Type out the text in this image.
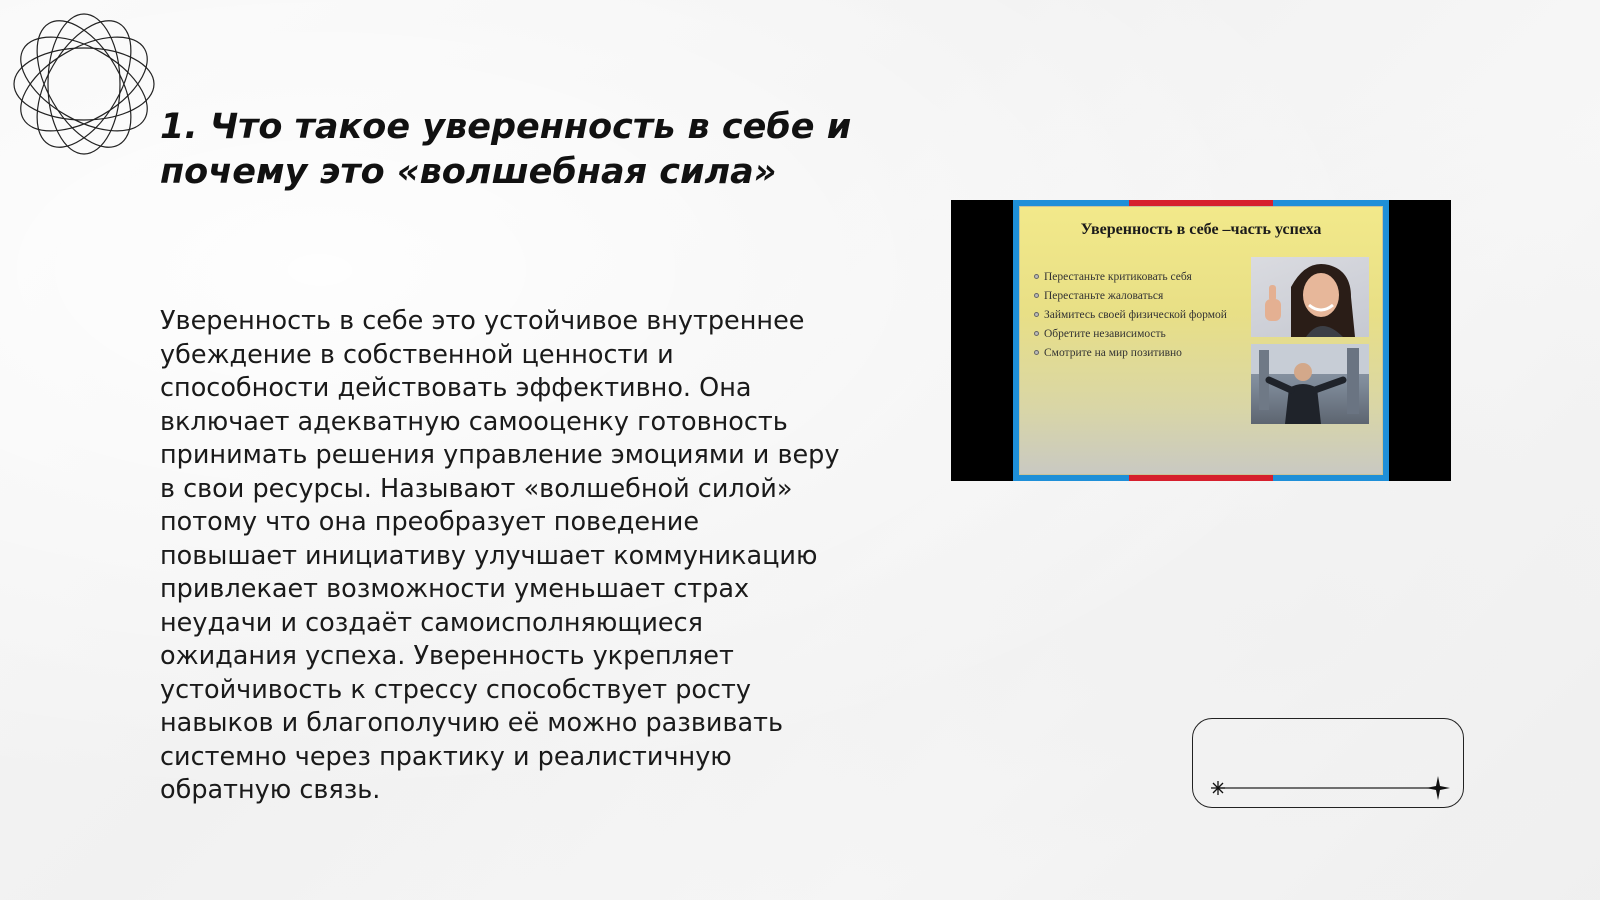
1. Что такое уверенность в себе и почему это «волшебная сила»

Уверенность в себе это устойчивое внутреннее убеждение в собственной ценности и способности действовать эффективно. Она включает адекватную самооценку готовность принимать решения управление эмоциями и веру в свои ресурсы. Называют «волшебной силой» потому что она преобразует поведение повышает инициативу улучшает коммуникацию привлекает возможности уменьшает страх неудачи и создаёт самоисполняющиеся ожидания успеха. Уверенность укрепляет устойчивость к стрессу способствует росту навыков и благополучию её можно развивать системно через практику и реалистичную обратную связь.

Уверенность в себе –часть успеха
Перестаньте критиковать себя
Перестаньте жаловаться
Займитесь своей физической формой
Обретите независимость
Смотрите на мир позитивно
